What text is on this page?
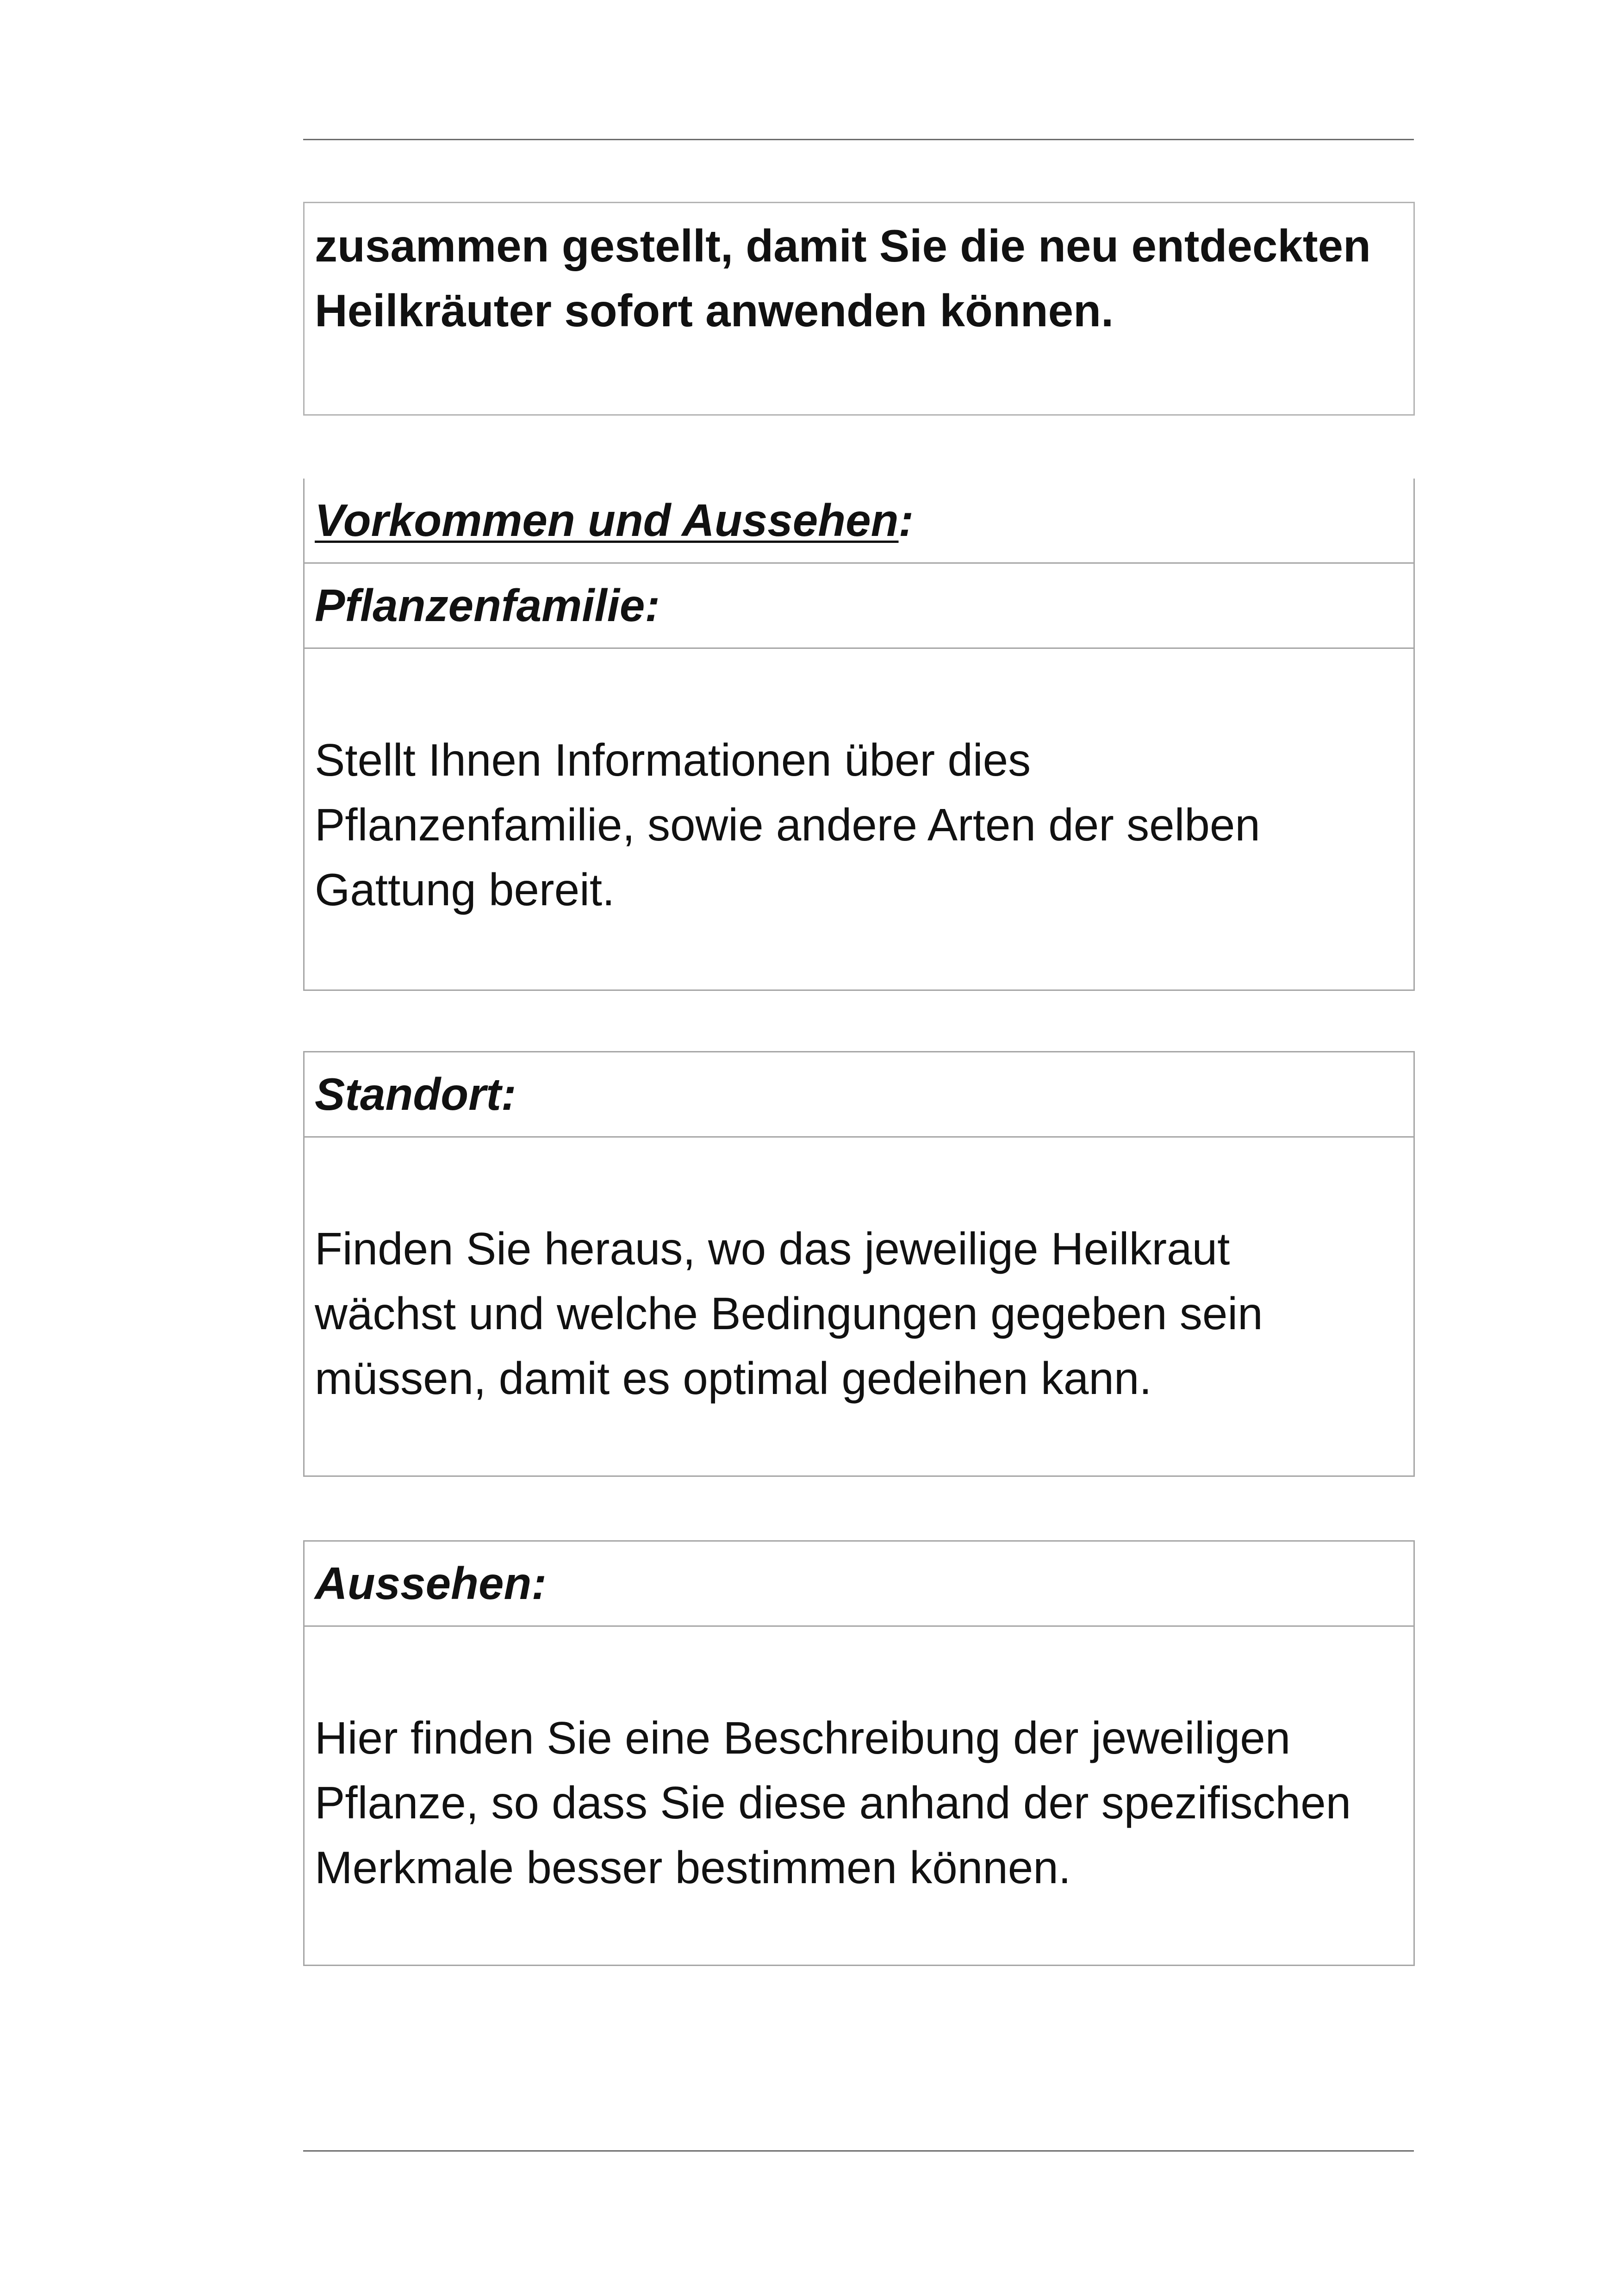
zusammen gestellt, damit Sie die neu entdeckten
Heilkräuter sofort anwenden können.
Vorkommen und Aussehen:
Pflanzenfamilie:
Stellt Ihnen Informationen über dies
Pflanzenfamilie, sowie andere Arten der selben
Gattung bereit.
Standort:
Finden Sie heraus, wo das jeweilige Heilkraut
wächst und welche Bedingungen gegeben sein
müssen, damit es optimal gedeihen kann.
Aussehen:
Hier finden Sie eine Beschreibung der jeweiligen
Pflanze, so dass Sie diese anhand der spezifischen
Merkmale besser bestimmen können.
